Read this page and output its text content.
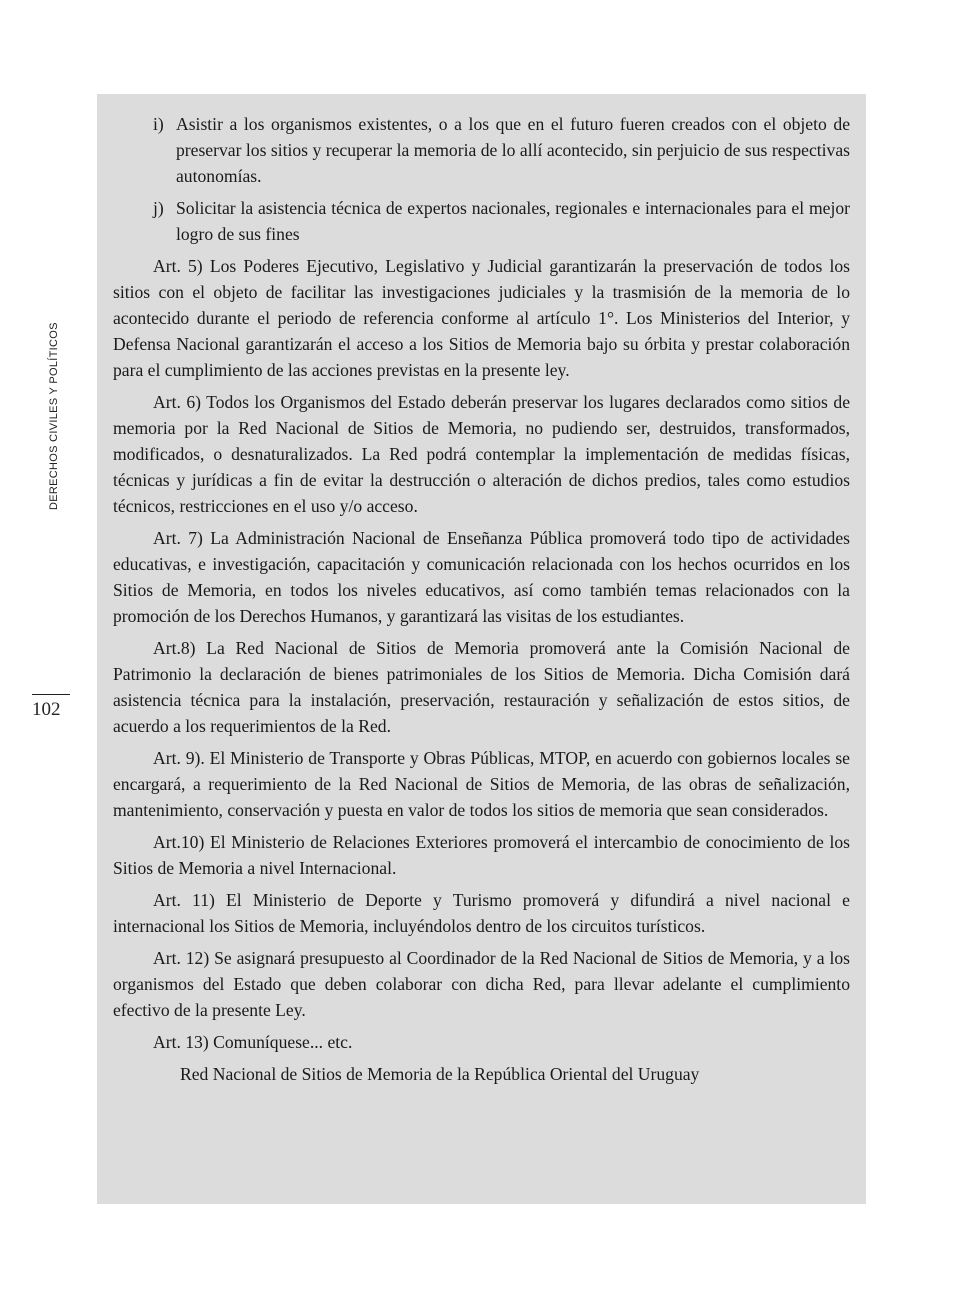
DERECHOS CIVILES Y POLÍTICOS
102
i) Asistir a los organismos existentes, o a los que en el futuro fueren creados con el objeto de preservar los sitios y recuperar la memoria de lo allí acontecido, sin perjuicio de sus respectivas autonomías.
j) Solicitar la asistencia técnica de expertos nacionales, regionales e internacionales para el mejor logro de sus fines

Art. 5) Los Poderes Ejecutivo, Legislativo y Judicial garantizarán la preservación de todos los sitios con el objeto de facilitar las investigaciones judiciales y la trasmisión de la memoria de lo acontecido durante el periodo de referencia conforme al artículo 1°. Los Ministerios del Interior, y Defensa Nacional garantizarán el acceso a los Sitios de Memoria bajo su órbita y prestar colaboración para el cumplimiento de las acciones previstas en la presente ley.

Art. 6) Todos los Organismos del Estado deberán preservar los lugares declarados como sitios de memoria por la Red Nacional de Sitios de Memoria, no pudiendo ser, destruidos, transformados, modificados, o desnaturalizados. La Red podrá contemplar la implementación de medidas físicas, técnicas y jurídicas a fin de evitar la destrucción o alteración de dichos predios, tales como estudios técnicos, restricciones en el uso y/o acceso.

Art. 7) La Administración Nacional de Enseñanza Pública promoverá todo tipo de actividades educativas, e investigación, capacitación y comunicación relacionada con los hechos ocurridos en los Sitios de Memoria, en todos los niveles educativos, así como también temas relacionados con la promoción de los Derechos Humanos, y garantizará las visitas de los estudiantes.

Art.8) La Red Nacional de Sitios de Memoria promoverá ante la Comisión Nacional de Patrimonio la declaración de bienes patrimoniales de los Sitios de Memoria. Dicha Comisión dará asistencia técnica para la instalación, preservación, restauración y señalización de estos sitios, de acuerdo a los requerimientos de la Red.

Art. 9). El Ministerio de Transporte y Obras Públicas, MTOP, en acuerdo con gobiernos locales se encargará, a requerimiento de la Red Nacional de Sitios de Memoria, de las obras de señalización, mantenimiento, conservación y puesta en valor de todos los sitios de memoria que sean considerados.

Art.10) El Ministerio de Relaciones Exteriores promoverá el intercambio de conocimiento de los Sitios de Memoria a nivel Internacional.

Art. 11) El Ministerio de Deporte y Turismo promoverá y difundirá a nivel nacional e internacional los Sitios de Memoria, incluyéndolos dentro de los circuitos turísticos.

Art. 12) Se asignará presupuesto al Coordinador de la Red Nacional de Sitios de Memoria, y a los organismos del Estado que deben colaborar con dicha Red, para llevar adelante el cumplimiento efectivo de la presente Ley.

Art. 13) Comuníquese... etc.

Red Nacional de Sitios de Memoria de la República Oriental del Uruguay
